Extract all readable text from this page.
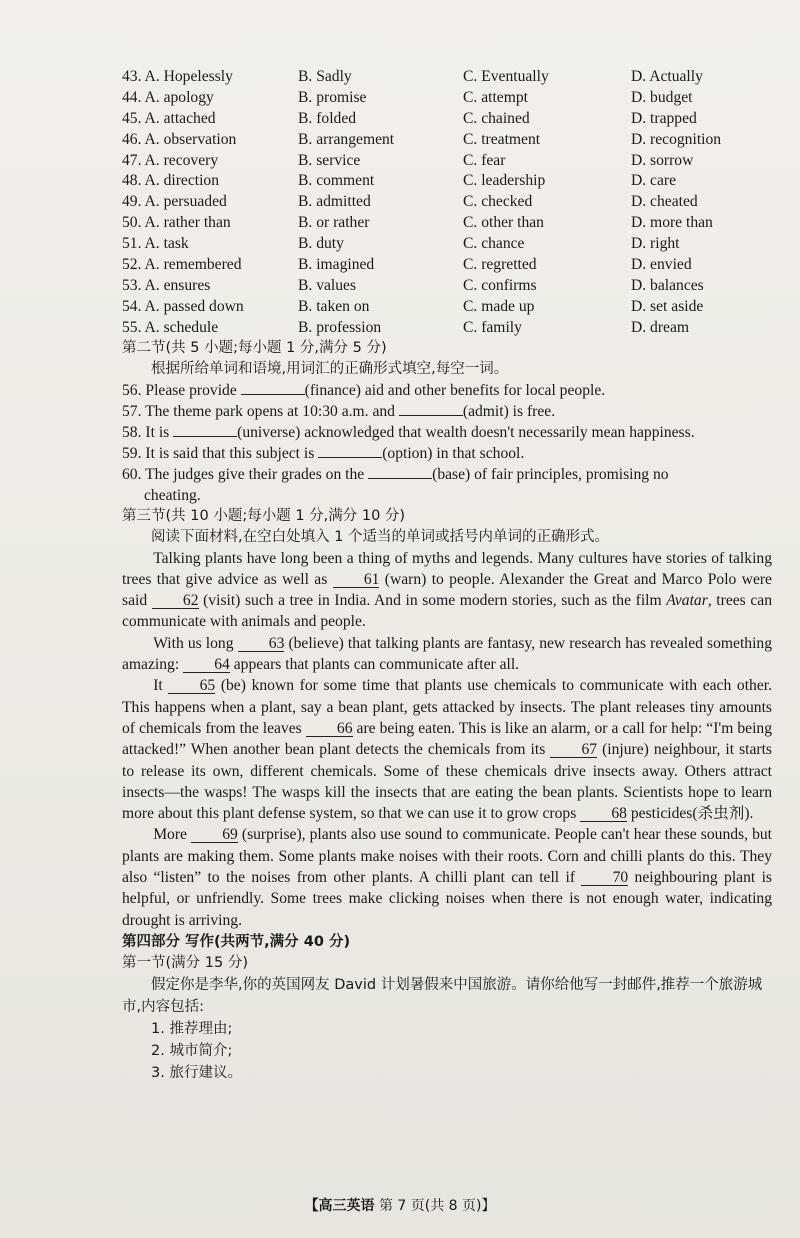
43. A. Hopelessly	B. Sadly	C. Eventually	D. Actually
44. A. apology	B. promise	C. attempt	D. budget
45. A. attached	B. folded	C. chained	D. trapped
46. A. observation	B. arrangement	C. treatment	D. recognition
47. A. recovery	B. service	C. fear	D. sorrow
48. A. direction	B. comment	C. leadership	D. care
49. A. persuaded	B. admitted	C. checked	D. cheated
50. A. rather than	B. or rather	C. other than	D. more than
51. A. task	B. duty	C. chance	D. right
52. A. remembered	B. imagined	C. regretted	D. envied
53. A. ensures	B. values	C. confirms	D. balances
54. A. passed down	B. taken on	C. made up	D. set aside
55. A. schedule	B. profession	C. family	D. dream
第二节(共 5 小题;每小题 1 分,满分 5 分)
根据所给单词和语境,用词汇的正确形式填空,每空一词。
56. Please provide	(finance) aid and other benefits for local people.
57. The theme park opens at 10:30 a.m. and	(admit) is free.
58. It is	(universe) acknowledged that wealth doesn't necessarily mean happiness.
59. It is said that this subject is	(option) in that school.
60. The judges give their grades on the	(base) of fair principles, promising no
cheating.
第三节(共 10 小题;每小题 1 分,满分 10 分)
阅读下面材料,在空白处填入 1 个适当的单词或括号内单词的正确形式。
Talking plants have long been a thing of myths and legends. Many cultures have stories of talking trees that give advice as well as 61 (warn) to people. Alexander the Great and Marco Polo were said 62 (visit) such a tree in India. And in some modern stories, such as the film Avatar, trees can communicate with animals and people.
With us long 63 (believe) that talking plants are fantasy, new research has revealed something amazing: 64 appears that plants can communicate after all.
It 65 (be) known for some time that plants use chemicals to communicate with each other. This happens when a plant, say a bean plant, gets attacked by insects. The plant releases tiny amounts of chemicals from the leaves 66 are being eaten. This is like an alarm, or a call for help: “I'm being attacked!” When another bean plant detects the chemicals from its 67 (injure) neighbour, it starts to release its own, different chemicals. Some of these chemicals drive insects away. Others attract insects—the wasps! The wasps kill the insects that are eating the bean plants. Scientists hope to learn more about this plant defense system, so that we can use it to grow crops 68 pesticides(杀虫剂).
More 69 (surprise), plants also use sound to communicate. People can't hear these sounds, but plants are making them. Some plants make noises with their roots. Corn and chilli plants do this. They also “listen” to the noises from other plants. A chilli plant can tell if 70 neighbouring plant is helpful, or unfriendly. Some trees make clicking noises when there is not enough water, indicating drought is arriving.
第四部分 写作(共两节,满分 40 分)
第一节(满分 15 分)
假定你是李华,你的英国网友 David 计划暑假来中国旅游。请你给他写一封邮件,推荐一个旅游城市,内容包括:
1. 推荐理由;
2. 城市简介;
3. 旅行建议。
【高三英语 第 7 页(共 8 页)】
